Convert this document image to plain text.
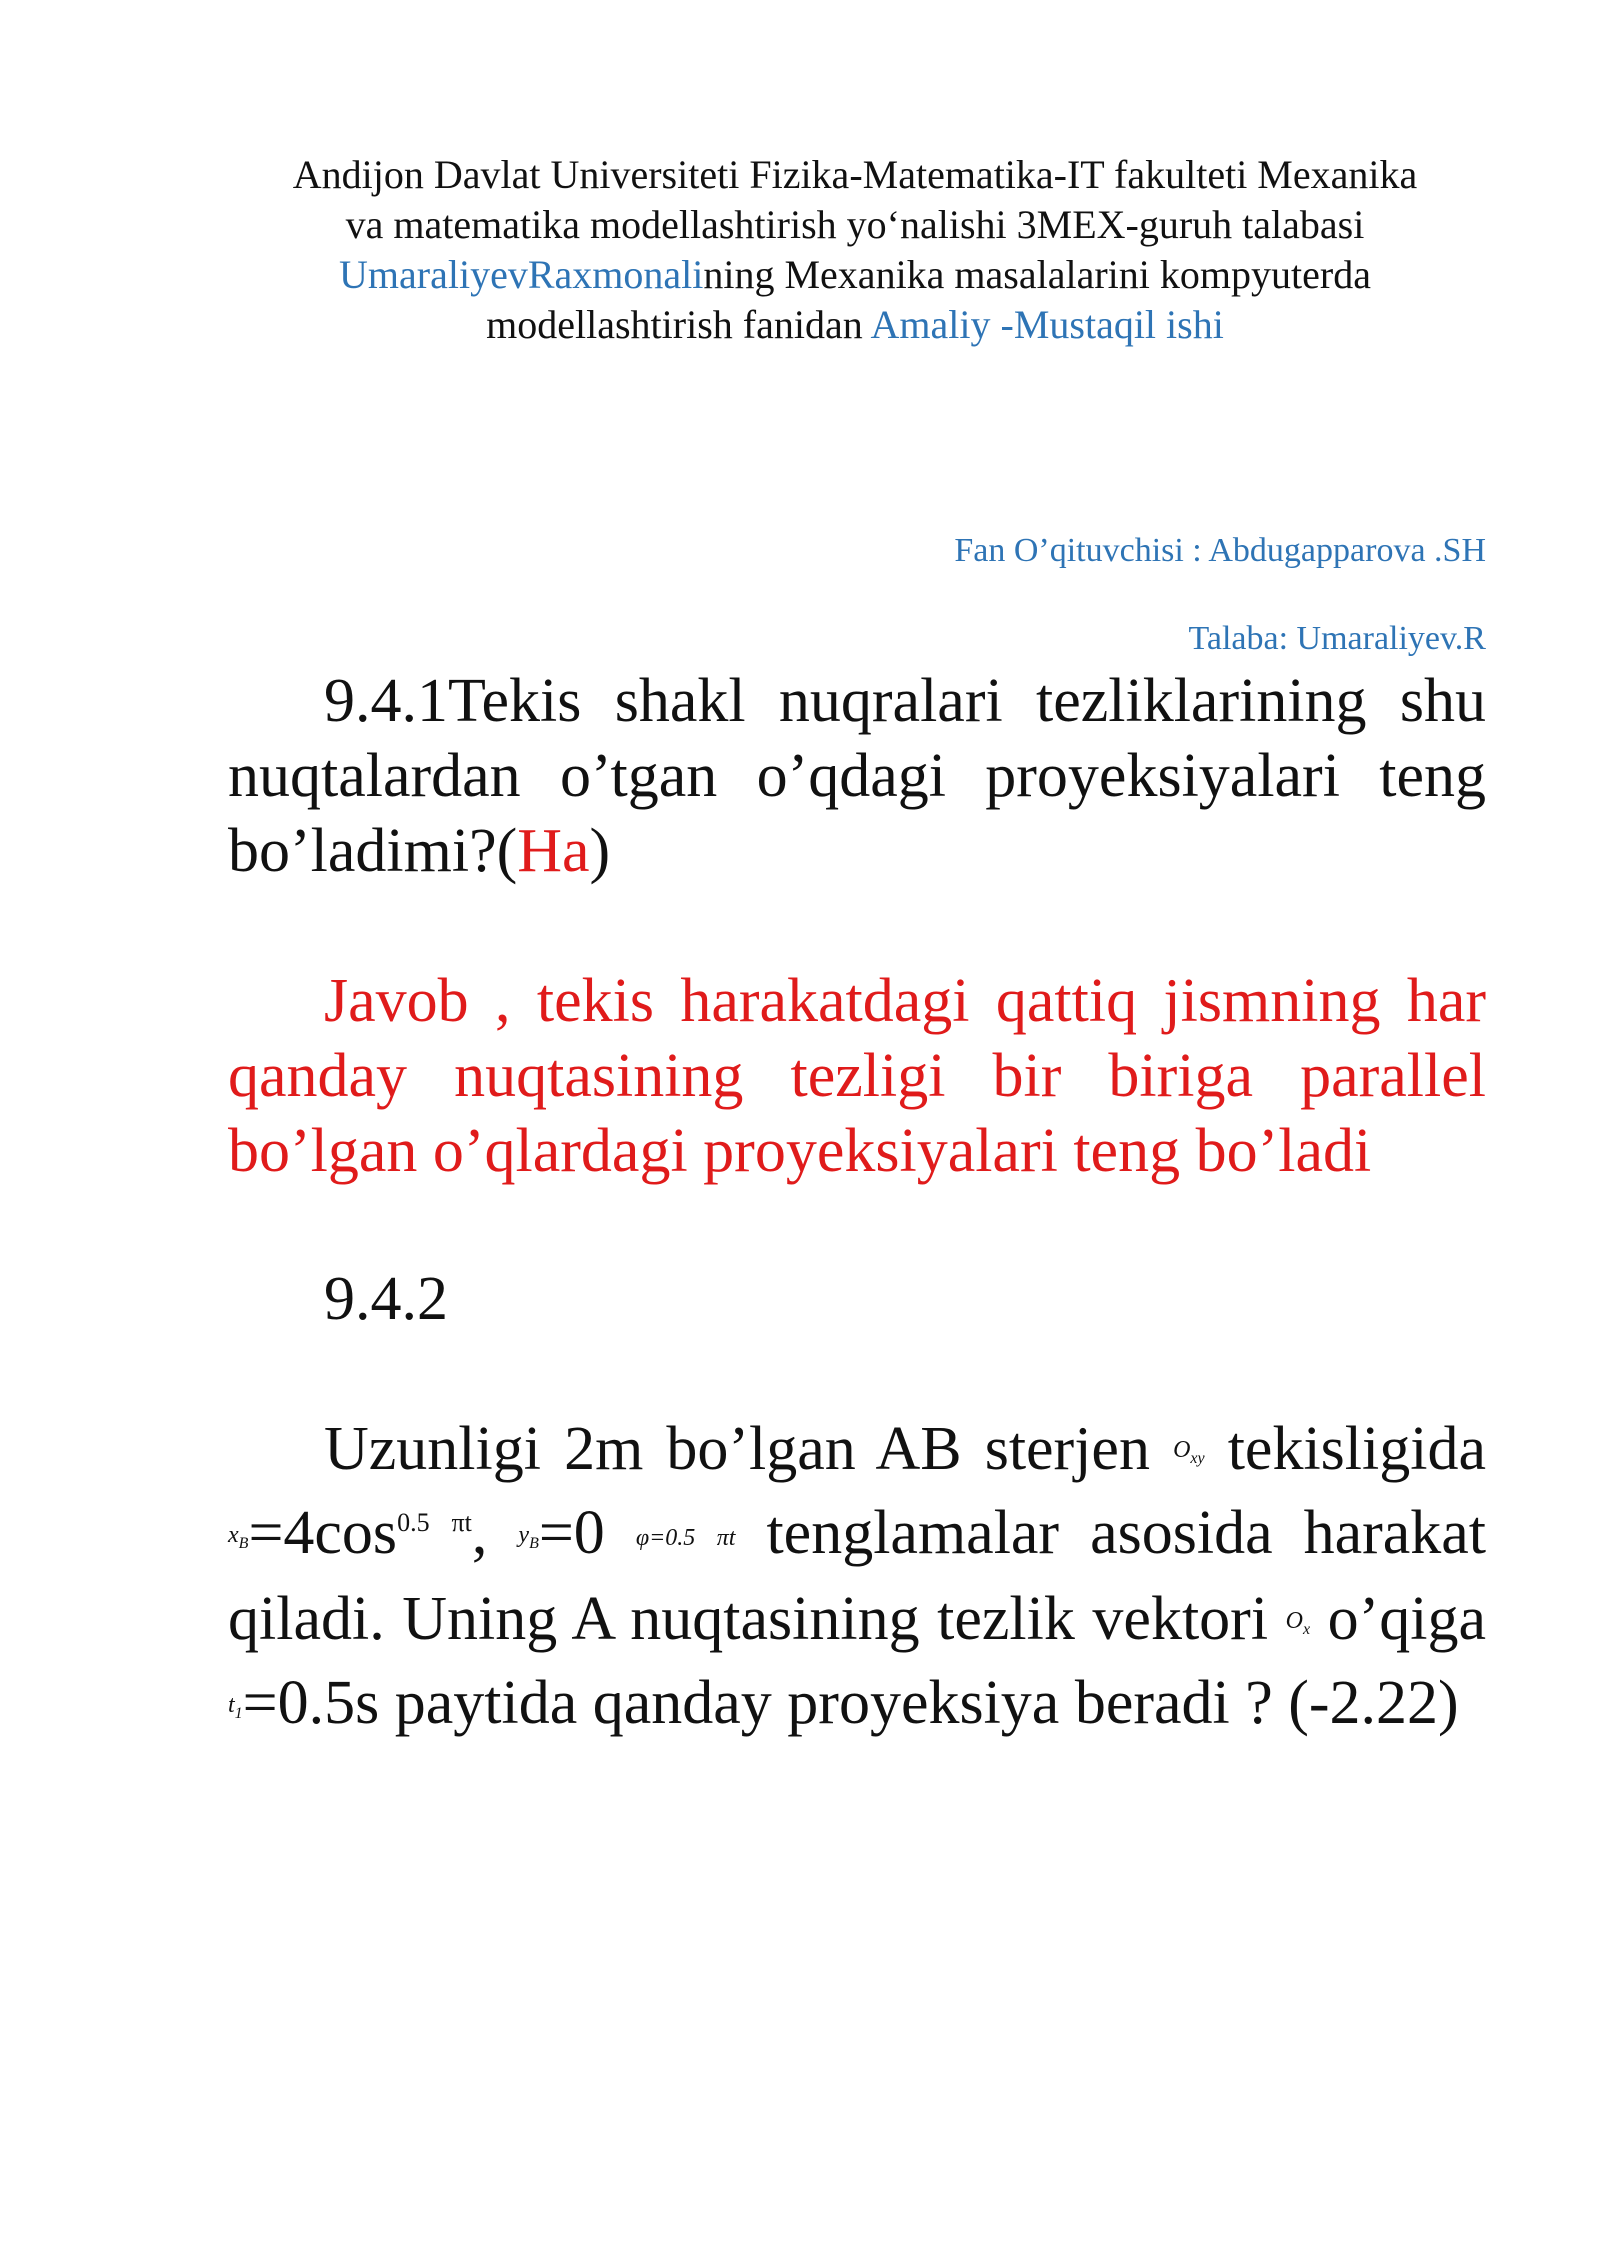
Andijon Davlat Universiteti Fizika-Matematika-IT fakulteti Mexanika
va matematika modellashtirish yo‘nalishi 3MEX-guruh talabasi
UmaraliyevRaxmonalining Mexanika masalalarini kompyuterda
modellashtirish fanidan Amaliy -Mustaqil ishi
Fan O’qituvchisi : Abdugapparova .SH
Talaba: Umaraliyev.R
9.4.1Tekis shakl nuqralari tezliklarining shu nuqtalardan o’tgan o’qdagi proyeksiyalari teng bo’ladimi?(Ha)
Javob , tekis harakatdagi qattiq jismning har qanday nuqtasining tezligi bir biriga parallel bo’lgan o’qlardagi proyeksiyalari teng bo’ladi
9.4.2
Uzunligi 2m bo’lgan AB sterjen $O_{xy}$ tekisligida $x_B=4\cos^{0.5 \pi t}$, $y_B=0$ φ=0.5 πt tenglamalar asosida harakat qiladi. Uning A nuqtasining tezlik vektori $O_x$ o’qiga $t_1=0.5s$ paytida qanday proyeksiya beradi ? (-2.22)
